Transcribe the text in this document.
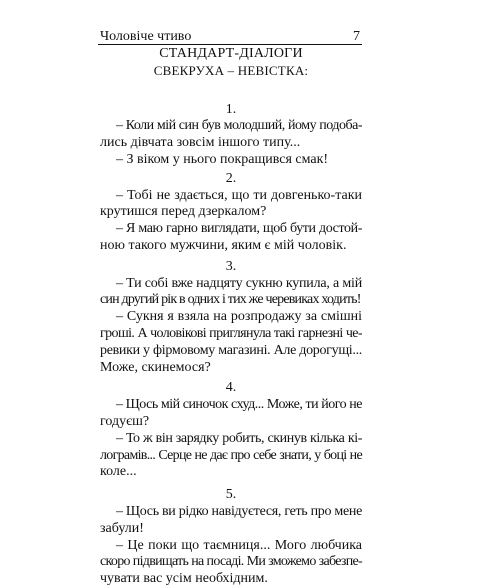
Чоловіче чтиво	7
СТАНДАРТ-ДІАЛОГИ
СВЕКРУХА – НЕВІСТКА:
1.
– Коли мій син був молодший, йому подоба-
лись дівчата зовсім іншого типу...
– З віком у нього покращився смак!
2.
– Тобі не здається, що ти довгенько-таки
крутишся перед дзеркалом?
– Я маю гарно виглядати, щоб бути достой-
ною такого мужчини, яким є мій чоловік.
3.
– Ти собі вже надцяту сукню купила, а мій
син другий рік в одних і тих же черевиках ходить!
– Сукня я взяла на розпродажу за смішні
гроші. А чоловікові приглянула такі гарнезні че-
ревики у фірмовому магазині. Але дорогущі...
Може, скинемося?
4.
– Щось мій синочок схуд... Може, ти його не
годуєш?
– То ж він зарядку робить, скинув кілька кі-
лограмів... Серце не дає про себе знати, у боці не
коле...
5.
– Щось ви рідко навідуєтеся, геть про мене
забули!
– Це поки що таємниця... Мого любчика
скоро підвищать на посаді. Ми зможемо забезпе-
чувати вас усім необхідним.
